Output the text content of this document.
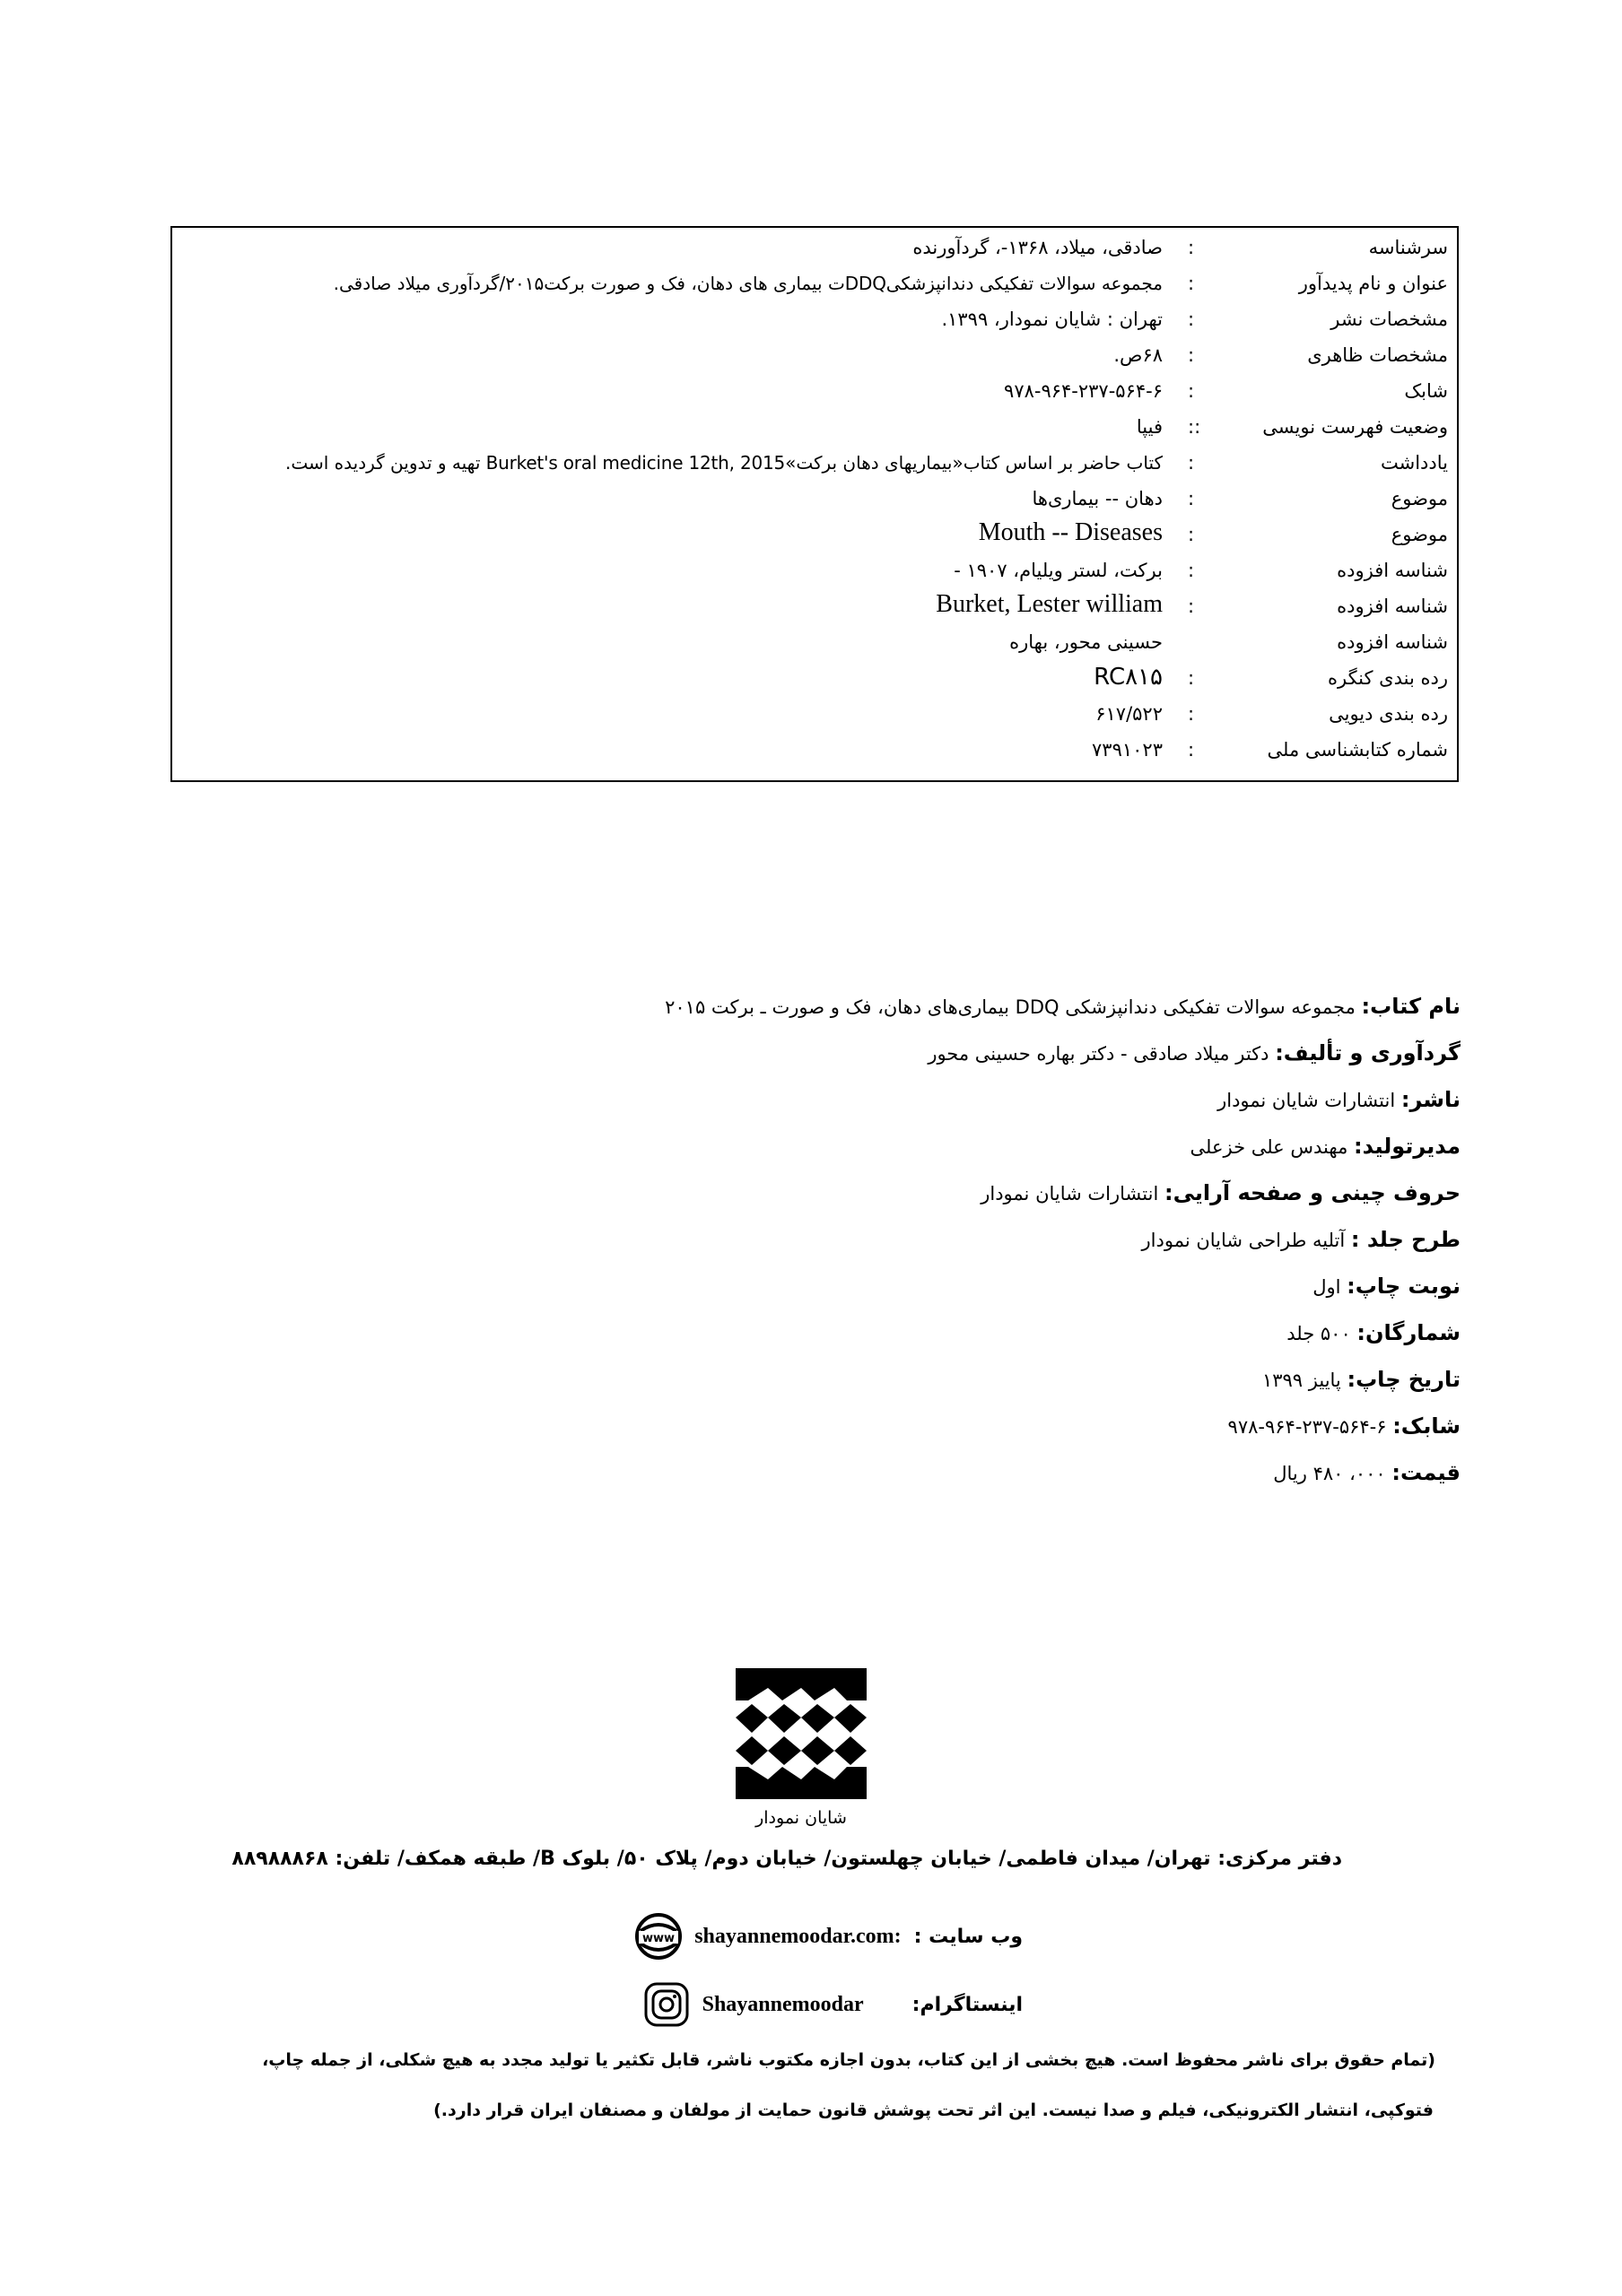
سرشناسه
:
صادقی، میلاد، ۱۳۶۸-، گردآورنده
عنوان و نام پدیدآور
:
مجموعه سوالات تفکیکی دندانپزشکیDDQت بیماری های دهان، فک و صورت برکت۲۰۱۵/گردآوری میلاد صادقی.
مشخصات نشر
:
تهران : شایان نمودار، ۱۳۹۹.
مشخصات ظاهری
:
۶۸ص.
شابک
:
۹۷۸-۹۶۴-۲۳۷-۵۶۴-۶
وضعیت فهرست نویسی
::
فیپا
یادداشت
:
کتاب حاضر بر اساس کتاب«بیماریهای دهان برکت»Burket's oral medicine 12th, 2015 تهیه و تدوین گردیده است.
موضوع
:
دهان -- بیماری‌ها
موضوع
:
Mouth -- Diseases
شناسه افزوده
:
برکت، لستر ویلیام، ۱۹۰۷ -
شناسه افزوده
:
Burket, Lester william
شناسه افزوده
حسینی محور، بهاره
رده بندی کنگره
:
RC۸۱۵
رده بندی دیویی
:
۶۱۷/۵۲۲
شماره کتابشناسی ملی
:
۷۳۹۱۰۲۳
نام کتاب: مجموعه سوالات تفکیکی دندانپزشکی DDQ بیماری‌های دهان، فک و صورت ـ برکت ۲۰۱۵
گردآوری و تألیف: دکتر میلاد صادقی - دکتر بهاره حسینی محور
ناشر: انتشارات شایان نمودار
مدیرتولید: مهندس علی خزعلی
حروف چینی و صفحه آرایی: انتشارات شایان نمودار
طرح جلد : آتلیه طراحی شایان نمودار
نوبت چاپ: اول
شمارگان: ۵۰۰ جلد
تاریخ چاپ: پاییز ۱۳۹۹
شابک: ۶-۵۶۴-۲۳۷-۹۶۴-۹۷۸
قیمت: ۰۰۰، ۴۸۰ ریال
شایان نمودار
دفتر مرکزی: تهران/ میدان فاطمی/ خیابان چهلستون/ خیابان دوم/ پلاک ۵۰/ بلوک B/ طبقه همکف/ تلفن: ۸۸۹۸۸۸۶۸
وب سایت :
shayannemoodar.com:
www
اینستاگرام:
Shayannemoodar
(تمام حقوق برای ناشر محفوظ است. هیچ بخشی از این کتاب، بدون اجازه مکتوب ناشر، قابل تکثیر یا تولید مجدد به هیچ شکلی، از جمله چاپ،
فتوکپی، انتشار الکترونیکی، فیلم و صدا نیست. این اثر تحت پوشش قانون حمایت از مولفان و مصنفان ایران قرار دارد.)
